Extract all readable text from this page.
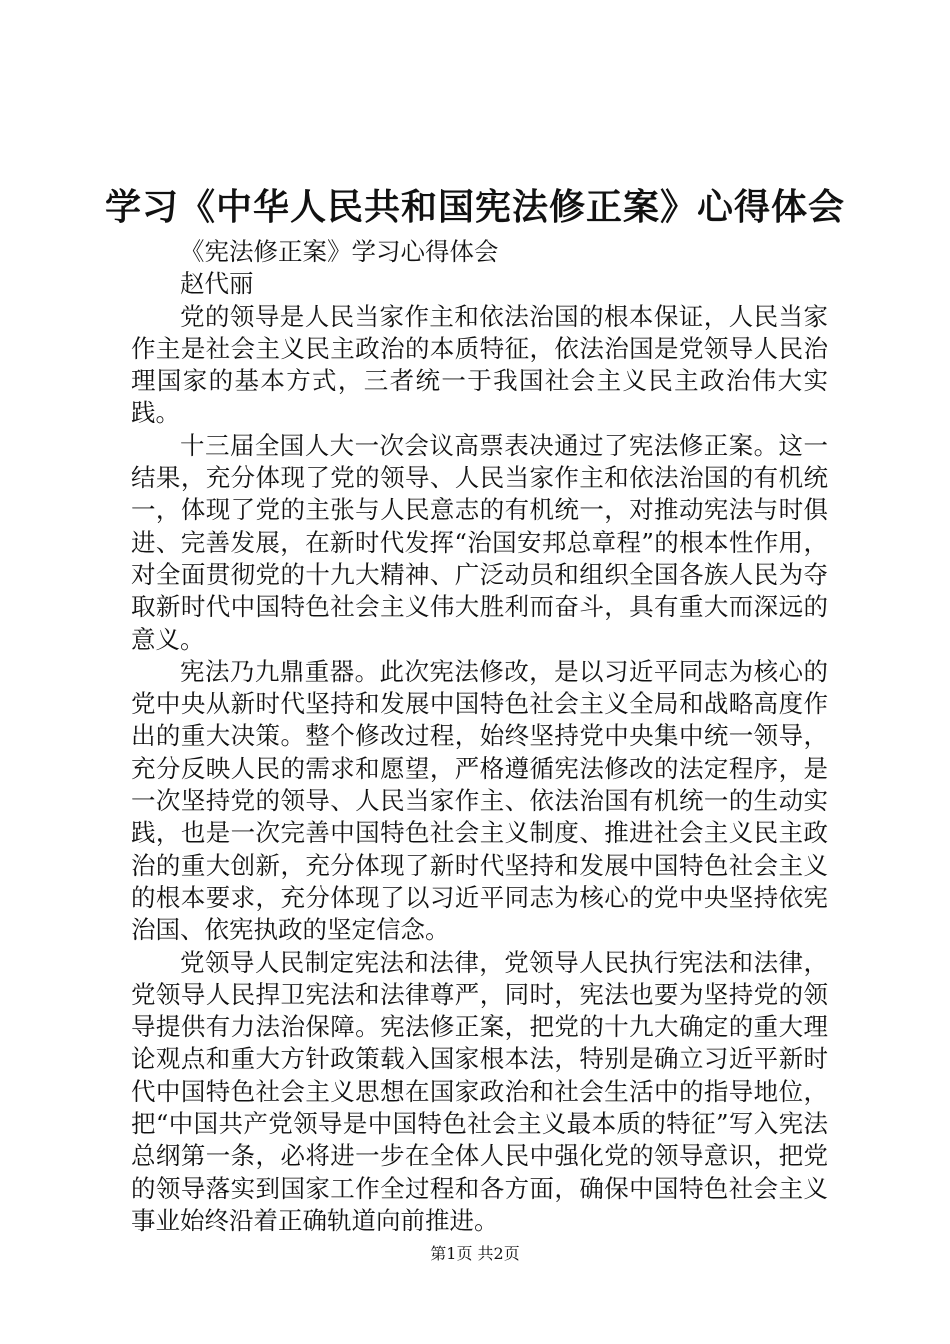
学习《中华人民共和国宪法修正案》心得体会

《宪法修正案》学习心得体会

赵代丽

党的领导是人民当家作主和依法治国的根本保证，人民当家作主是社会主义民主政治的本质特征，依法治国是党领导人民治理国家的基本方式，三者统一于我国社会主义民主政治伟大实践。

十三届全国人大一次会议高票表决通过了宪法修正案。这一结果，充分体现了党的领导、人民当家作主和依法治国的有机统一，体现了党的主张与人民意志的有机统一，对推动宪法与时俱进、完善发展，在新时代发挥“治国安邦总章程”的根本性作用，对全面贯彻党的十九大精神、广泛动员和组织全国各族人民为夺取新时代中国特色社会主义伟大胜利而奋斗，具有重大而深远的意义。

宪法乃九鼎重器。此次宪法修改，是以习近平同志为核心的党中央从新时代坚持和发展中国特色社会主义全局和战略高度作出的重大决策。整个修改过程，始终坚持党中央集中统一领导，充分反映人民的需求和愿望，严格遵循宪法修改的法定程序，是一次坚持党的领导、人民当家作主、依法治国有机统一的生动实践，也是一次完善中国特色社会主义制度、推进社会主义民主政治的重大创新，充分体现了新时代坚持和发展中国特色社会主义的根本要求，充分体现了以习近平同志为核心的党中央坚持依宪治国、依宪执政的坚定信念。

党领导人民制定宪法和法律，党领导人民执行宪法和法律，党领导人民捍卫宪法和法律尊严，同时，宪法也要为坚持党的领导提供有力法治保障。宪法修正案，把党的十九大确定的重大理论观点和重大方针政策载入国家根本法，特别是确立习近平新时代中国特色社会主义思想在国家政治和社会生活中的指导地位，把“中国共产党领导是中国特色社会主义最本质的特征”写入宪法总纲第一条，必将进一步在全体人民中强化党的领导意识，把党的领导落实到国家工作全过程和各方面，确保中国特色社会主义事业始终沿着正确轨道向前推进。

第1页 共2页
